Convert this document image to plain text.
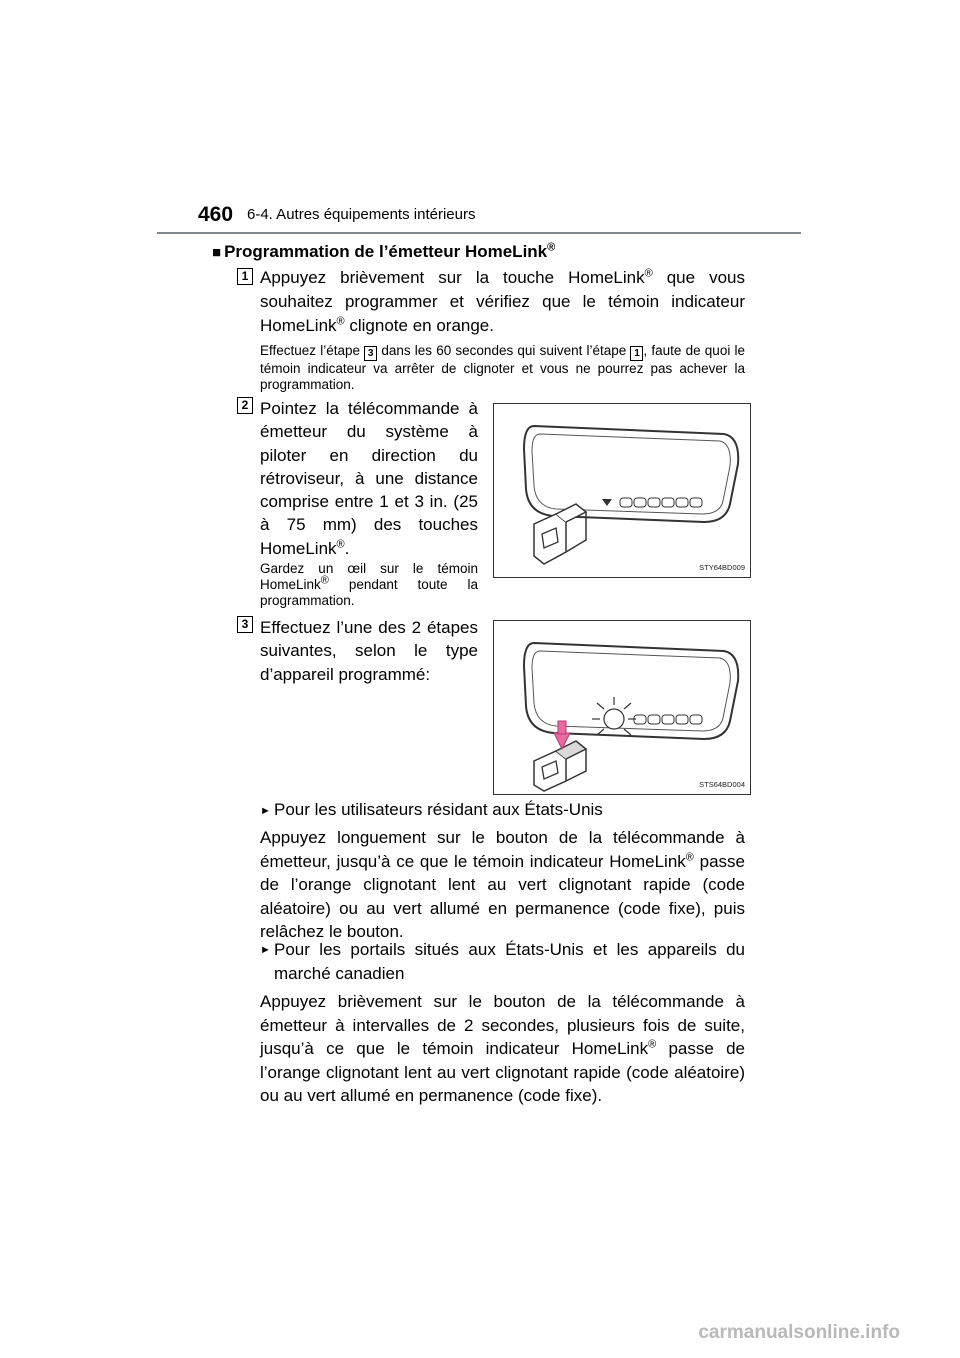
460 6-4. Autres équipements intérieurs
■ Programmation de l’émetteur HomeLink®
1 Appuyez brièvement sur la touche HomeLink® que vous souhaitez programmer et vérifiez que le témoin indicateur HomeLink® clignote en orange.
Effectuez l’étape 3 dans les 60 secondes qui suivent l’étape 1 , faute de quoi le témoin indicateur va arrêter de clignoter et vous ne pourrez pas achever la programmation.
2 Pointez la télécommande à émetteur du système à piloter en direction du rétroviseur, à une distance comprise entre 1 et 3 in. (25 à 75 mm) des touches HomeLink®.
Gardez un œil sur le témoin HomeLink® pendant toute la programmation.
STY64BD009
3 Effectuez l’une des 2 étapes suivantes, selon le type d’appareil programmé:
STS64BD004
► Pour les utilisateurs résidant aux États-Unis
Appuyez longuement sur le bouton de la télécommande à émetteur, jusqu’à ce que le témoin indicateur HomeLink® passe de l’orange clignotant lent au vert clignotant rapide (code aléatoire) ou au vert allumé en permanence (code fixe), puis relâchez le bouton.
► Pour les portails situés aux États-Unis et les appareils du marché canadien
Appuyez brièvement sur le bouton de la télécommande à émetteur à intervalles de 2 secondes, plusieurs fois de suite, jusqu’à ce que le témoin indicateur HomeLink® passe de l’orange clignotant lent au vert clignotant rapide (code aléatoire) ou au vert allumé en permanence (code fixe).
carmanualsonline.info
